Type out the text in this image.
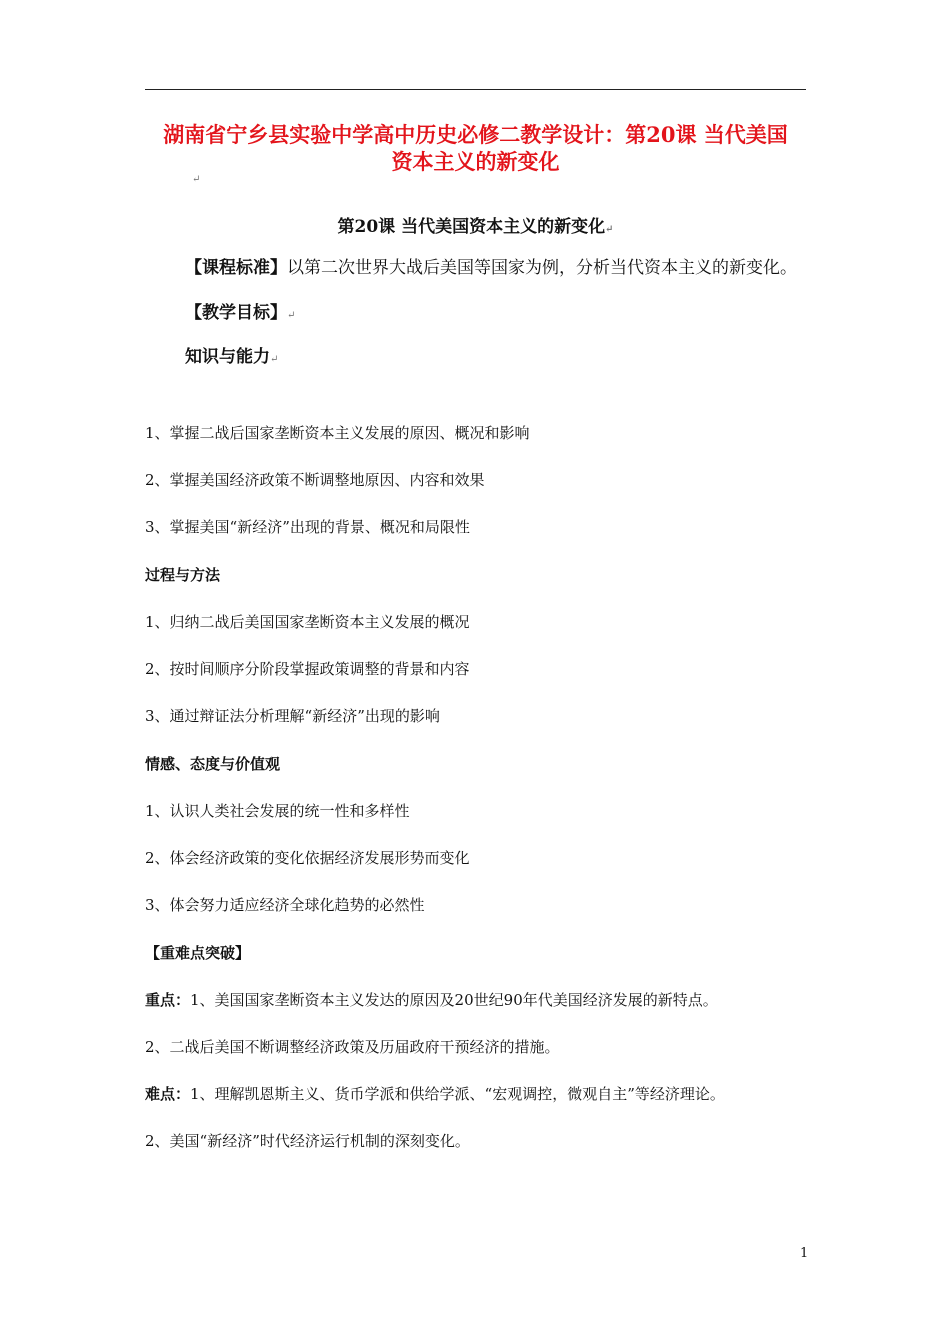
湖南省宁乡县实验中学高中历史必修二教学设计：第20课 当代美国
资本主义的新变化
↵
第20课 当代美国资本主义的新变化↵
【课程标准】以第二次世界大战后美国等国家为例，分析当代资本主义的新变化。
【教学目标】↵
知识与能力↵
1、掌握二战后国家垄断资本主义发展的原因、概况和影响
2、掌握美国经济政策不断调整地原因、内容和效果
3、掌握美国“新经济”出现的背景、概况和局限性
过程与方法
1、归纳二战后美国国家垄断资本主义发展的概况
2、按时间顺序分阶段掌握政策调整的背景和内容
3、通过辩证法分析理解“新经济”出现的影响
情感、态度与价值观
1、认识人类社会发展的统一性和多样性
2、体会经济政策的变化依据经济发展形势而变化
3、体会努力适应经济全球化趋势的必然性
【重难点突破】
重点：1、美国国家垄断资本主义发达的原因及20世纪90年代美国经济发展的新特点。
2、二战后美国不断调整经济政策及历届政府干预经济的措施。
难点：1、理解凯恩斯主义、货币学派和供给学派、“宏观调控，微观自主”等经济理论。
2、美国“新经济”时代经济运行机制的深刻变化。
1
